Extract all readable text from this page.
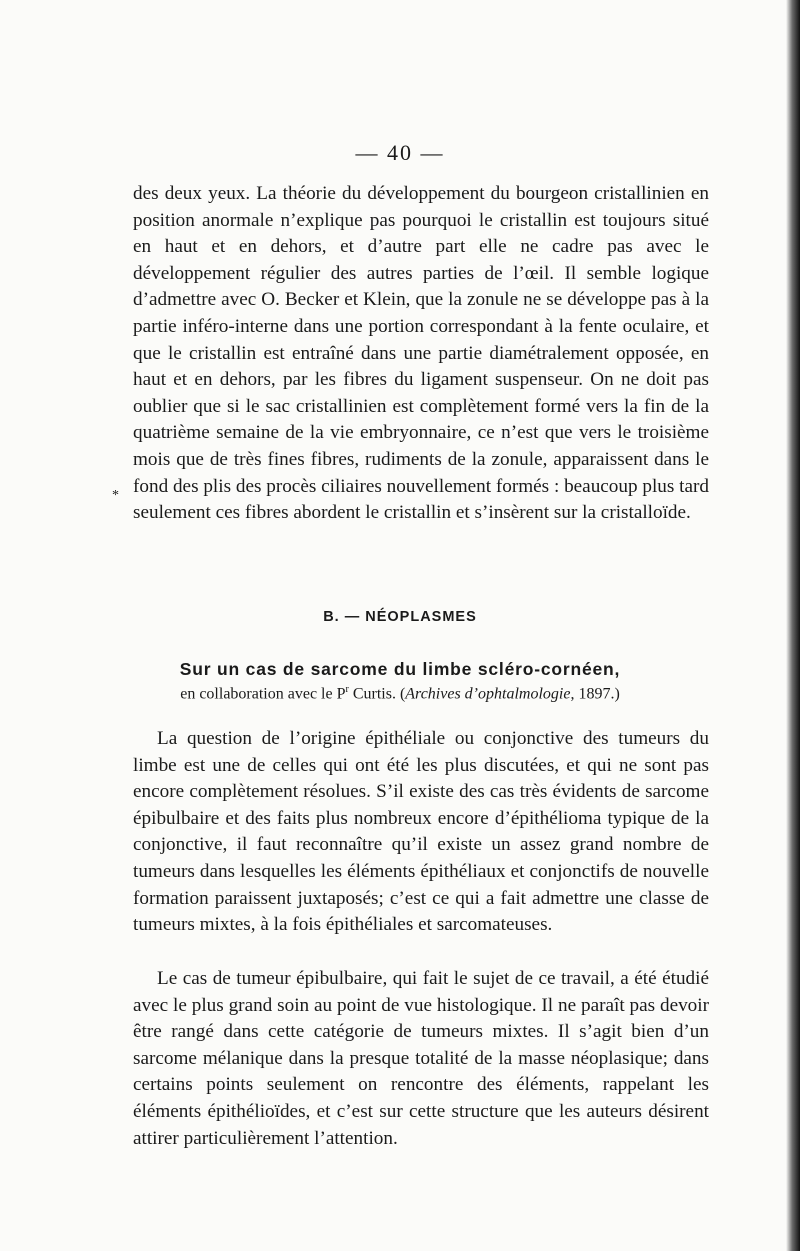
— 40 —

des deux yeux. La théorie du développement du bourgeon cristallinien en position anormale n’explique pas pourquoi le cristallin est toujours situé en haut et en dehors, et d’autre part elle ne cadre pas avec le développement régulier des autres parties de l’œil. Il semble logique d’admettre avec O. Becker et Klein, que la zonule ne se développe pas à la partie inféro-interne dans une portion correspondant à la fente oculaire, et que le cristallin est entraîné dans une partie diamétralement opposée, en haut et en dehors, par les fibres du ligament suspenseur. On ne doit pas oublier que si le sac cristallinien est complètement formé vers la fin de la quatrième semaine de la vie embryonnaire, ce n’est que vers le troisième mois que de très fines fibres, rudiments de la zonule, apparaissent dans le fond des plis des procès ciliaires nouvellement formés : beaucoup plus tard seulement ces fibres abordent le cristallin et s’insèrent sur la cristalloïde.

*
B. — NÉOPLASMES
Sur un cas de sarcome du limbe scléro-cornéen,
en collaboration avec le $P^r$ Curtis. (Archives d’ophtalmologie, 1897.)

La question de l’origine épithéliale ou conjonctive des tumeurs du limbe est une de celles qui ont été les plus discutées, et qui ne sont pas encore complètement résolues. S’il existe des cas très évidents de sarcome épibulbaire et des faits plus nombreux encore d’épithélioma typique de la conjonctive, il faut reconnaître qu’il existe un assez grand nombre de tumeurs dans lesquelles les éléments épithéliaux et conjonctifs de nouvelle formation paraissent juxtaposés; c’est ce qui a fait admettre une classe de tumeurs mixtes, à la fois épithéliales et sarcomateuses.

Le cas de tumeur épibulbaire, qui fait le sujet de ce travail, a été étudié avec le plus grand soin au point de vue histologique. Il ne paraît pas devoir être rangé dans cette catégorie de tumeurs mixtes. Il s’agit bien d’un sarcome mélanique dans la presque totalité de la masse néoplasique; dans certains points seulement on rencontre des éléments, rappelant les éléments épithélioïdes, et c’est sur cette structure que les auteurs désirent attirer particulièrement l’attention.
